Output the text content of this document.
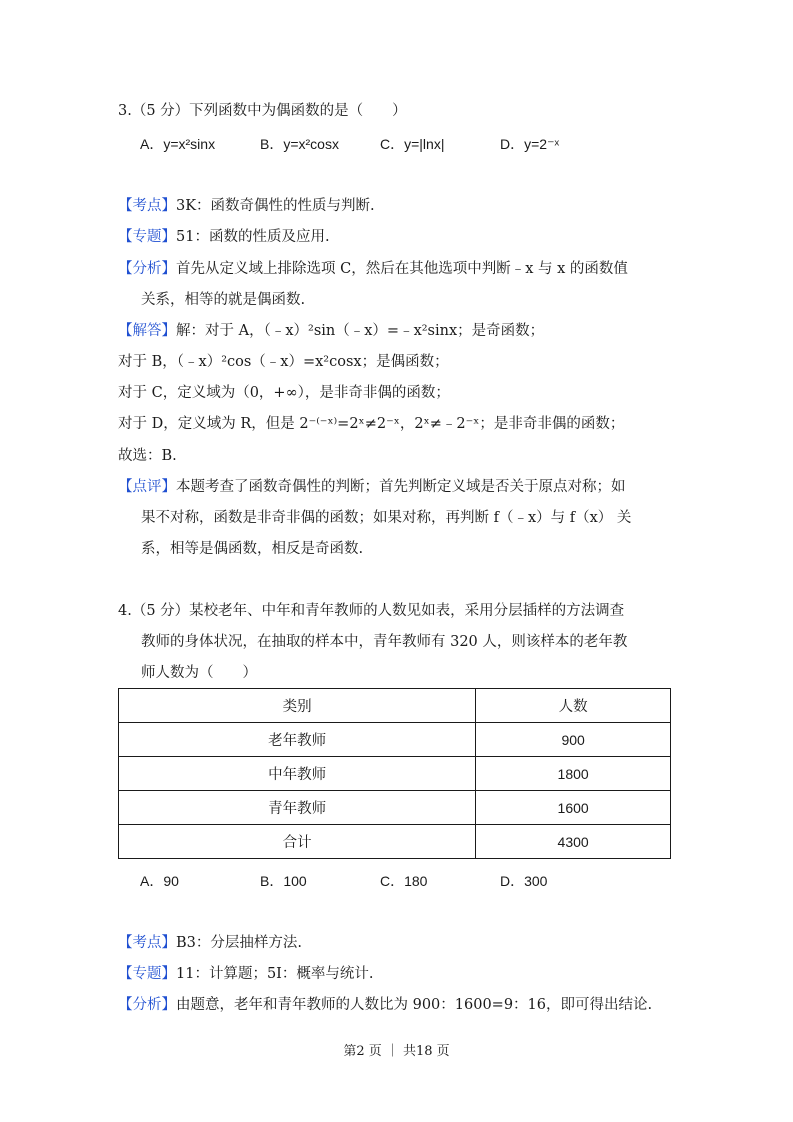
3.（5 分）下列函数中为偶函数的是（　　）
A．y=x²sinx	B．y=x²cosx	C．y=|lnx|	D．y=2⁻ˣ
【考点】3K：函数奇偶性的性质与判断.
【专题】51：函数的性质及应用.
【分析】首先从定义域上排除选项 C，然后在其他选项中判断﹣x 与 x 的函数值
关系，相等的就是偶函数.
【解答】解：对于 A，（﹣x）²sin（﹣x）=﹣x²sinx；是奇函数；
对于 B，（﹣x）²cos（﹣x）=x²cosx；是偶函数；
对于 C，定义域为（0，+∞），是非奇非偶的函数；
对于 D，定义域为 R，但是 2⁻⁽⁻ˣ⁾=2ˣ≠2⁻ˣ，2ˣ≠﹣2⁻ˣ；是非奇非偶的函数；
故选：B.
【点评】本题考查了函数奇偶性的判断；首先判断定义域是否关于原点对称；如
果不对称，函数是非奇非偶的函数；如果对称，再判断 f（﹣x）与 f（x） 关
系，相等是偶函数，相反是奇函数.
4.（5 分）某校老年、中年和青年教师的人数见如表，采用分层插样的方法调查
教师的身体状况，在抽取的样本中，青年教师有 320 人，则该样本的老年教
师人数为（　　）
类别	人数
老年教师	900
中年教师	1800
青年教师	1600
合计	4300
A．90	B．100	C．180	D．300
【考点】B3：分层抽样方法.
【专题】11：计算题；5I：概率与统计.
【分析】由题意，老年和青年教师的人数比为 900：1600=9：16，即可得出结论.
第2 页 ｜ 共18 页
